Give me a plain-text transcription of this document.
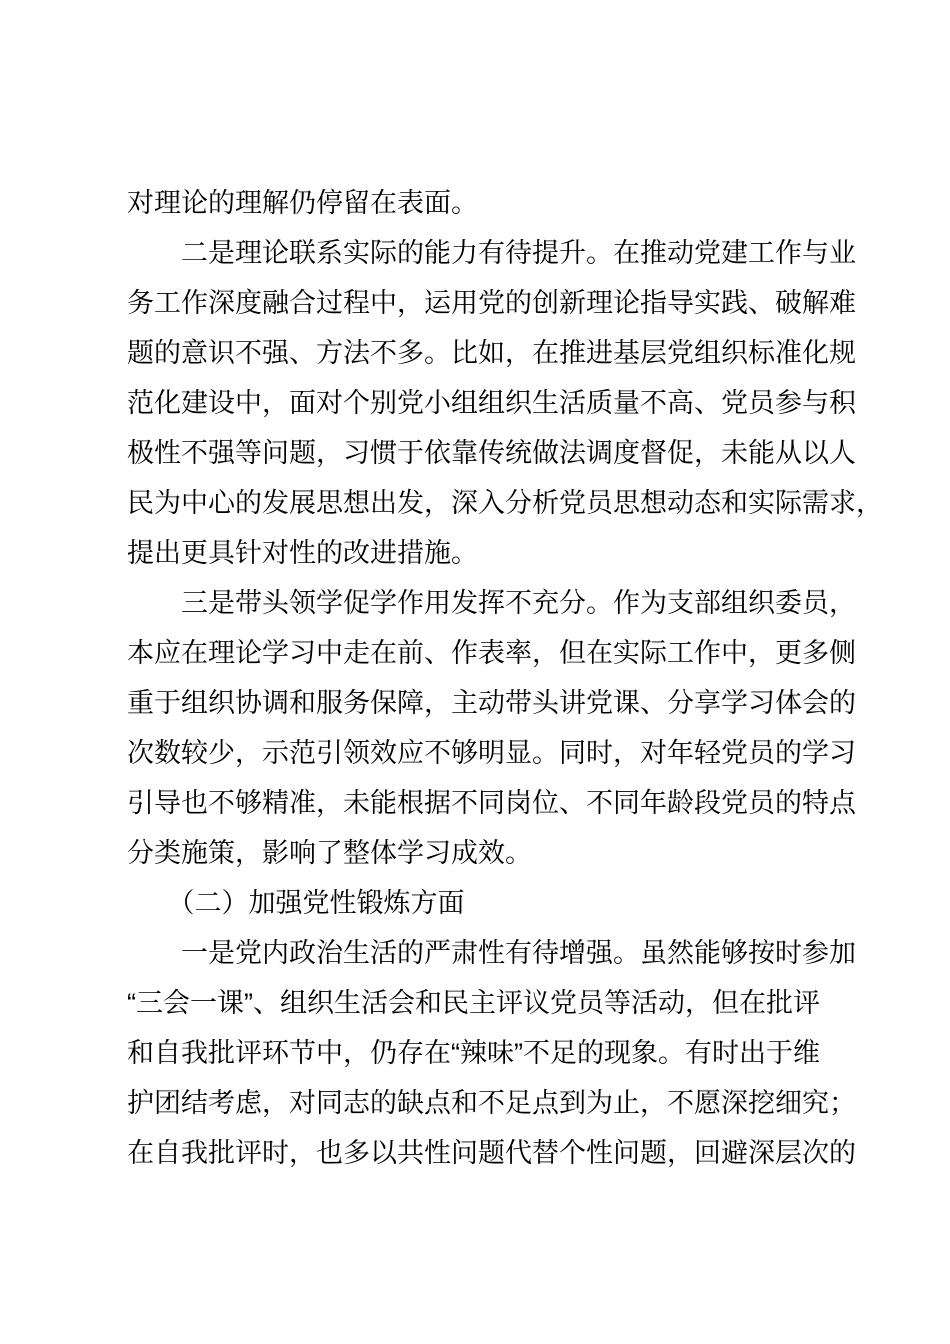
对理论的理解仍停留在表面。
　　二是理论联系实际的能力有待提升。在推动党建工作与业
务工作深度融合过程中，运用党的创新理论指导实践、破解难
题的意识不强、方法不多。比如，在推进基层党组织标准化规
范化建设中，面对个别党小组组织生活质量不高、党员参与积
极性不强等问题，习惯于依靠传统做法调度督促，未能从以人
民为中心的发展思想出发，深入分析党员思想动态和实际需求，
提出更具针对性的改进措施。
　　三是带头领学促学作用发挥不充分。作为支部组织委员，
本应在理论学习中走在前、作表率，但在实际工作中，更多侧
重于组织协调和服务保障，主动带头讲党课、分享学习体会的
次数较少，示范引领效应不够明显。同时，对年轻党员的学习
引导也不够精准，未能根据不同岗位、不同年龄段党员的特点
分类施策，影响了整体学习成效。
　　（二）加强党性锻炼方面
　　一是党内政治生活的严肃性有待增强。虽然能够按时参加
“三会一课”、组织生活会和民主评议党员等活动，但在批评
和自我批评环节中，仍存在“辣味”不足的现象。有时出于维
护团结考虑，对同志的缺点和不足点到为止，不愿深挖细究；
在自我批评时，也多以共性问题代替个性问题，回避深层次的
